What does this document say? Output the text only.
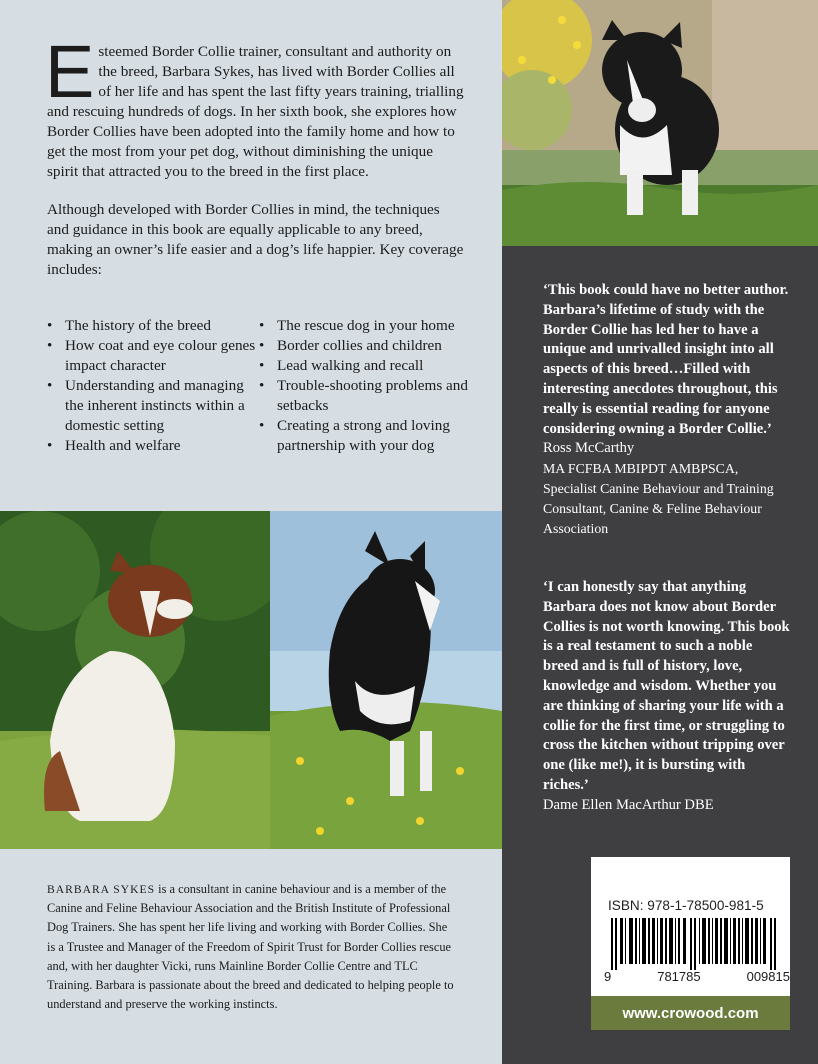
Esteemed Border Collie trainer, consultant and authority on the breed, Barbara Sykes, has lived with Border Collies all of her life and has spent the last fifty years training, trialling and rescuing hundreds of dogs. In her sixth book, she explores how Border Collies have been adopted into the family home and how to get the most from your pet dog, without diminishing the unique spirit that attracted you to the breed in the first place.

Although developed with Border Collies in mind, the techniques and guidance in this book are equally applicable to any breed, making an owner’s life easier and a dog’s life happier. Key coverage includes:

• The history of the breed
• How coat and eye colour genes impact character
• Understanding and managing the inherent instincts within a domestic setting
• Health and welfare
• The rescue dog in your home
• Border collies and children
• Lead walking and recall
• Trouble-shooting problems and setbacks
• Creating a strong and loving partnership with your dog
‘This book could have no better author. Barbara’s lifetime of study with the Border Collie has led her to have a unique and unrivalled insight into all aspects of this breed…Filled with interesting anecdotes throughout, this really is essential reading for anyone considering owning a Border Collie.’
Ross McCarthy
MA FCFBA MBIPDT AMBPSCA, Specialist Canine Behaviour and Training Consultant, Canine & Feline Behaviour Association
‘I can honestly say that anything Barbara does not know about Border Collies is not worth knowing. This book is a real testament to such a noble breed and is full of history, love, knowledge and wisdom. Whether you are thinking of sharing your life with a collie for the first time, or struggling to cross the kitchen without tripping over one (like me!), it is bursting with riches.’
Dame Ellen MacArthur DBE
BARBARA SYKES is a consultant in canine behaviour and is a member of the Canine and Feline Behaviour Association and the British Institute of Professional Dog Trainers. She has spent her life living and working with Border Collies. She is a Trustee and Manager of the Freedom of Spirit Trust for Border Collies rescue and, with her daughter Vicki, runs Mainline Border Collie Centre and TLC Training. Barbara is passionate about the breed and dedicated to helping people to understand and preserve the working instincts.
ISBN: 978-1-78500-981-5
9	781785	009815
www.crowood.com
